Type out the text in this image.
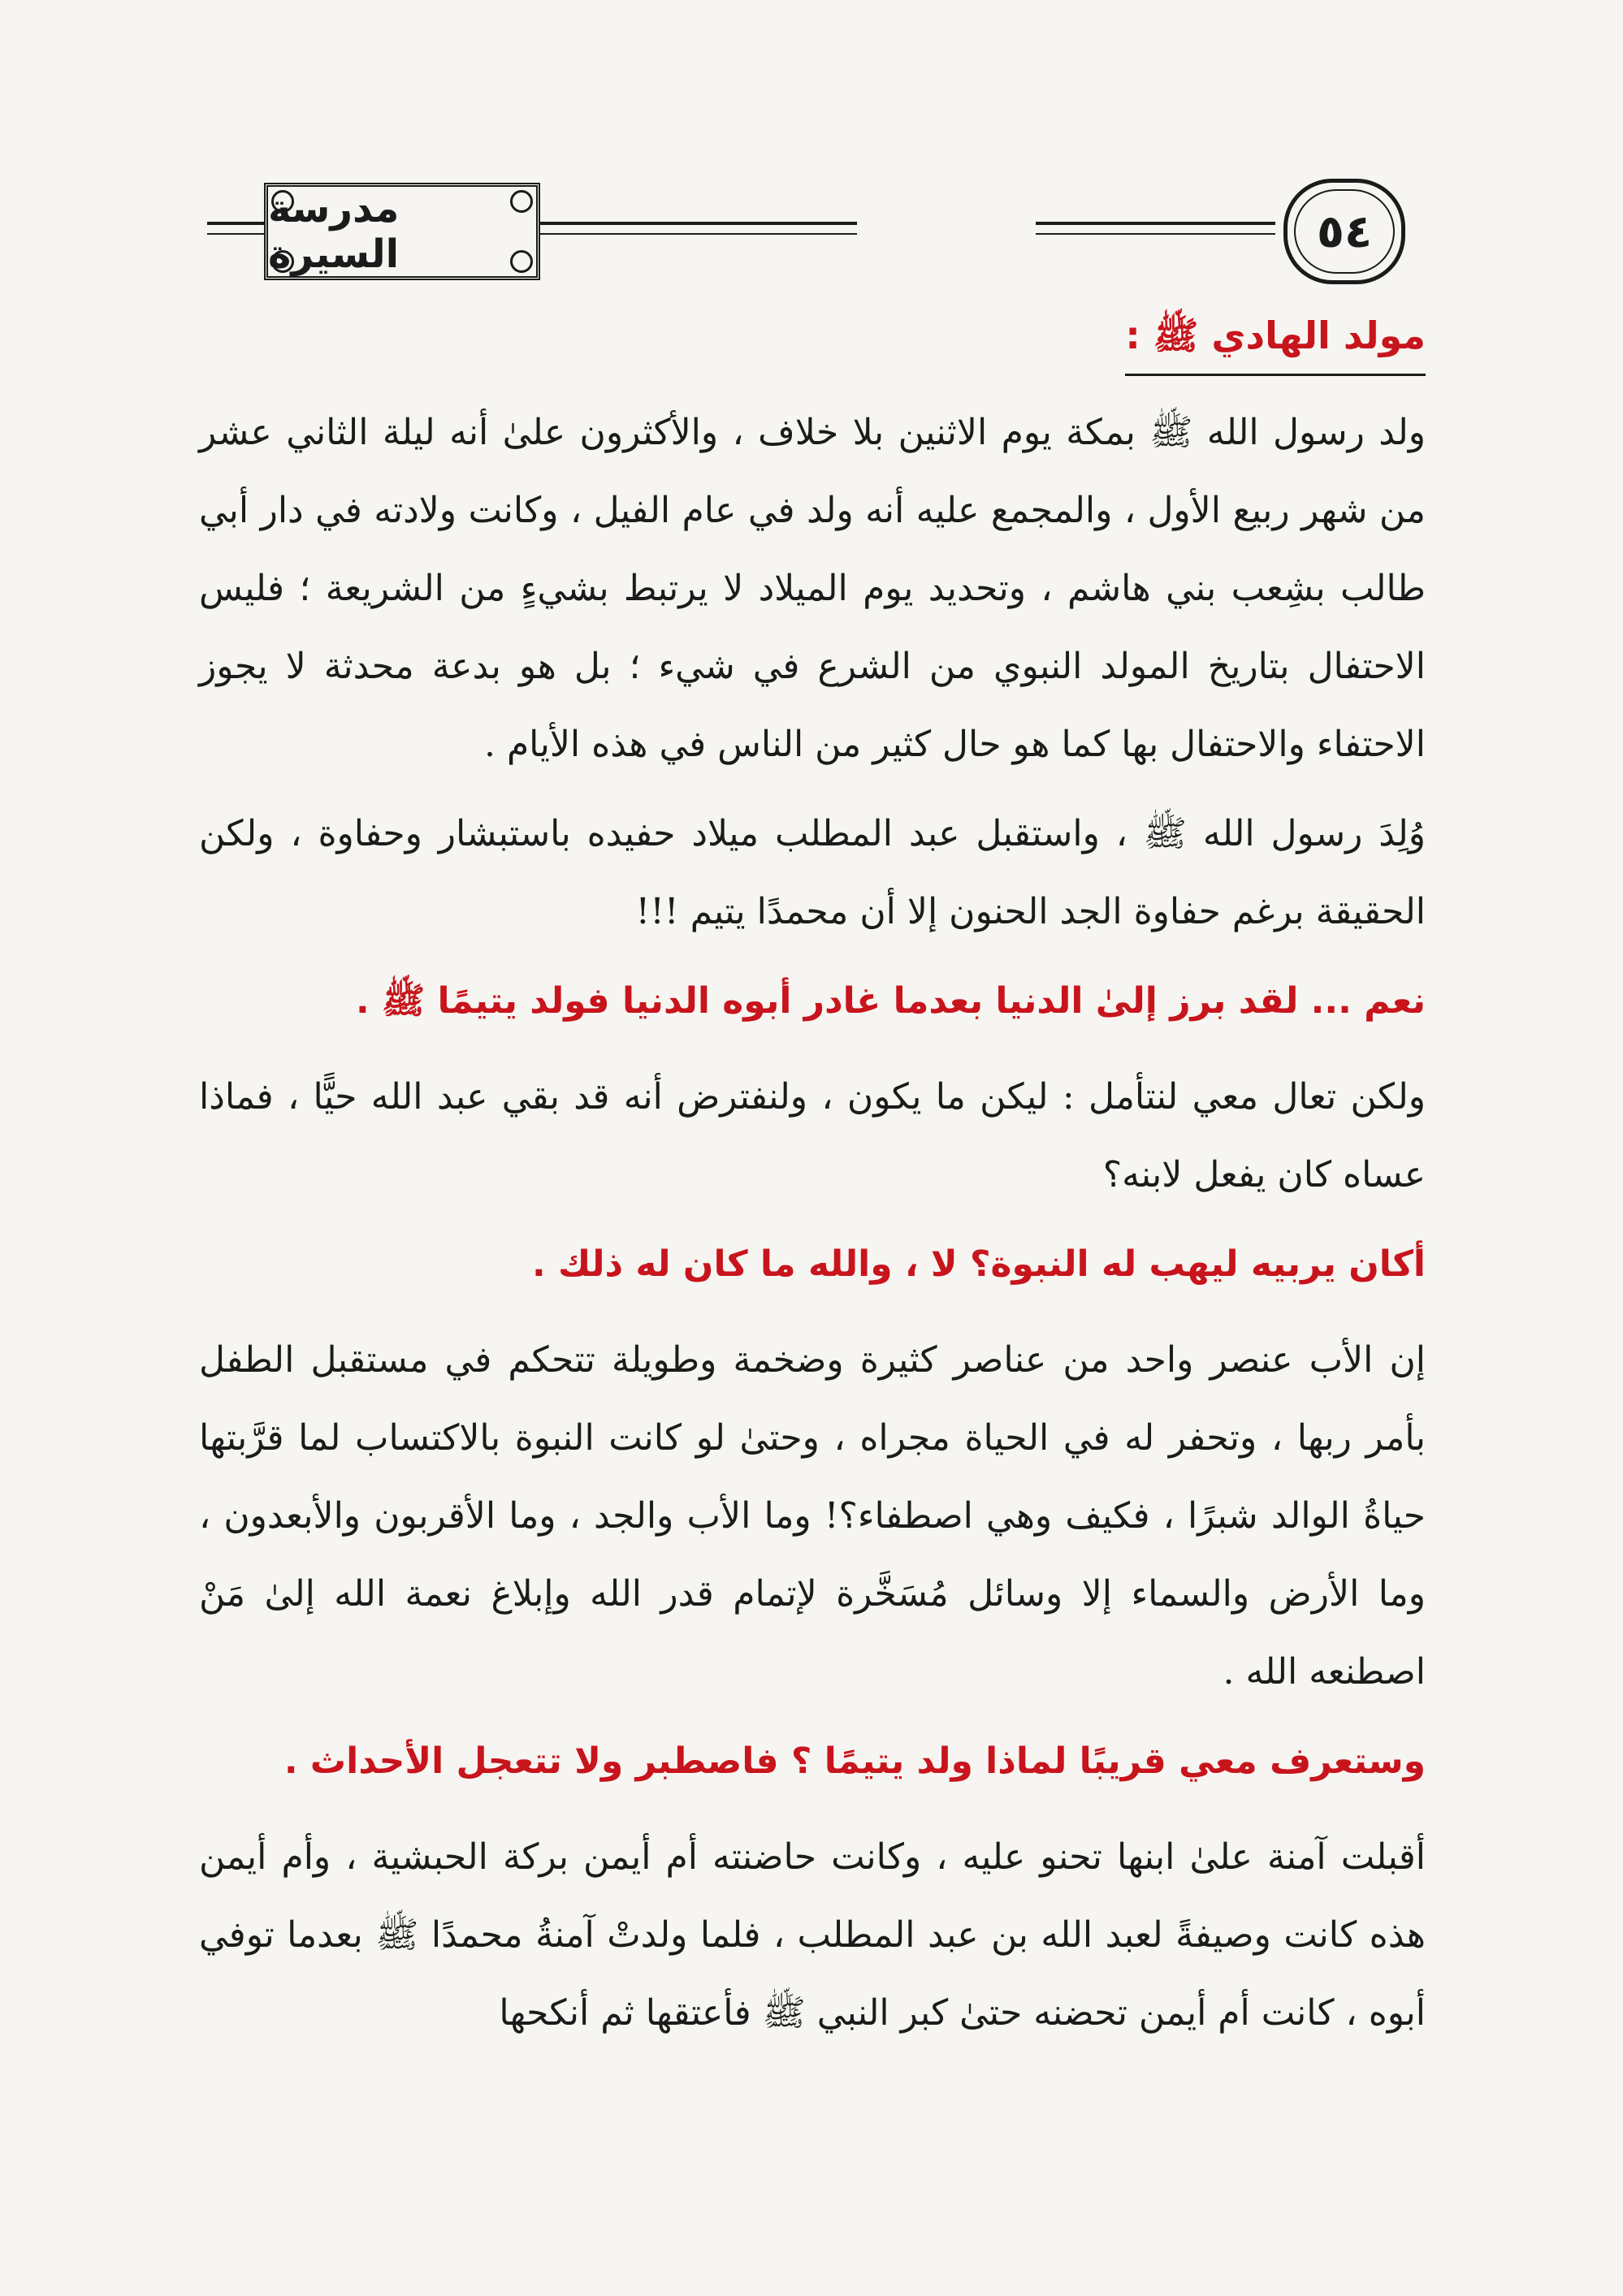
مدرسة السيرة	٥٤
مولد الهادي ﷺ :

ولد رسول الله ﷺ بمكة يوم الاثنين بلا خلاف ، والأكثرون علىٰ أنه ليلة الثاني عشر من شهر ربيع الأول ، والمجمع عليه أنه ولد في عام الفيل ، وكانت ولادته في دار أبي طالب بشِعب بني هاشم ، وتحديد يوم الميلاد لا يرتبط بشيءٍ من الشريعة ؛ فليس الاحتفال بتاريخ المولد النبوي من الشرع في شيء ؛ بل هو بدعة محدثة لا يجوز الاحتفاء والاحتفال بها كما هو حال كثير من الناس في هذه الأيام .

وُلِدَ رسول الله ﷺ ، واستقبل عبد المطلب ميلاد حفيده باستبشار وحفاوة ، ولكن الحقيقة برغم حفاوة الجد الحنون إلا أن محمدًا يتيم !!!

نعم ... لقد برز إلىٰ الدنيا بعدما غادر أبوه الدنيا فولد يتيمًا ﷺ .

ولكن تعال معي لنتأمل : ليكن ما يكون ، ولنفترض أنه قد بقي عبد الله حيًّا ، فماذا عساه كان يفعل لابنه؟

أكان يربيه ليهب له النبوة؟ لا ، والله ما كان له ذلك .

إن الأب عنصر واحد من عناصر كثيرة وضخمة وطويلة تتحكم في مستقبل الطفل بأمر ربها ، وتحفر له في الحياة مجراه ، وحتىٰ لو كانت النبوة بالاكتساب لما قرَّبتها حياةُ الوالد شبرًا ، فكيف وهي اصطفاء؟! وما الأب والجد ، وما الأقربون والأبعدون ، وما الأرض والسماء إلا وسائل مُسَخَّرة لإتمام قدر الله وإبلاغ نعمة الله إلىٰ مَنْ اصطنعه الله .

وستعرف معي قريبًا لماذا ولد يتيمًا ؟ فاصطبر ولا تتعجل الأحداث .

أقبلت آمنة علىٰ ابنها تحنو عليه ، وكانت حاضنته أم أيمن بركة الحبشية ، وأم أيمن هذه كانت وصيفةً لعبد الله بن عبد المطلب ، فلما ولدتْ آمنةُ محمدًا ﷺ بعدما توفي أبوه ، كانت أم أيمن تحضنه حتىٰ كبر النبي ﷺ فأعتقها ثم أنكحها
